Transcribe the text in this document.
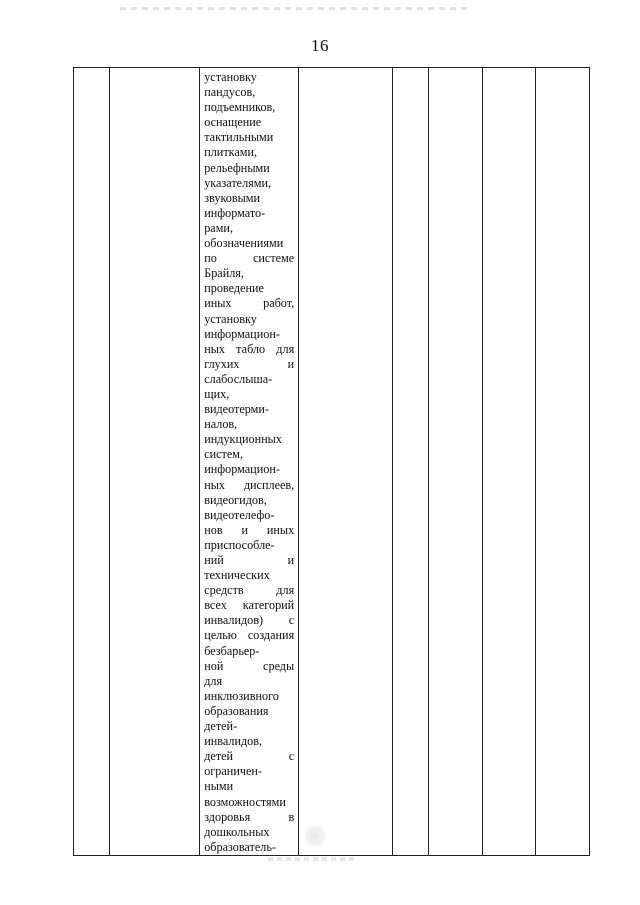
16

установку
пандусов,
подъемников,
оснащение
тактильными
плитками,
рельефными
указателями,
звуковыми
информато-
рами,
обозначениями
по системе
Брайля,
проведение
иных работ,
установку
информацион-
ных табло для
глухих и
слабослыша-
щих,
видеотерми-
налов,
индукционных
систем,
информацион-
ных дисплеев,
видеогидов,
видеотелефо-
нов и иных
приспособле-
ний и
технических
средств для
всех категорий
инвалидов) с
целью создания
безбарьер-
ной среды
для
инклюзивного
образования
детей-
инвалидов,
детей с
ограничен-
ными
возможностями
здоровья в
дошкольных
образователь-
